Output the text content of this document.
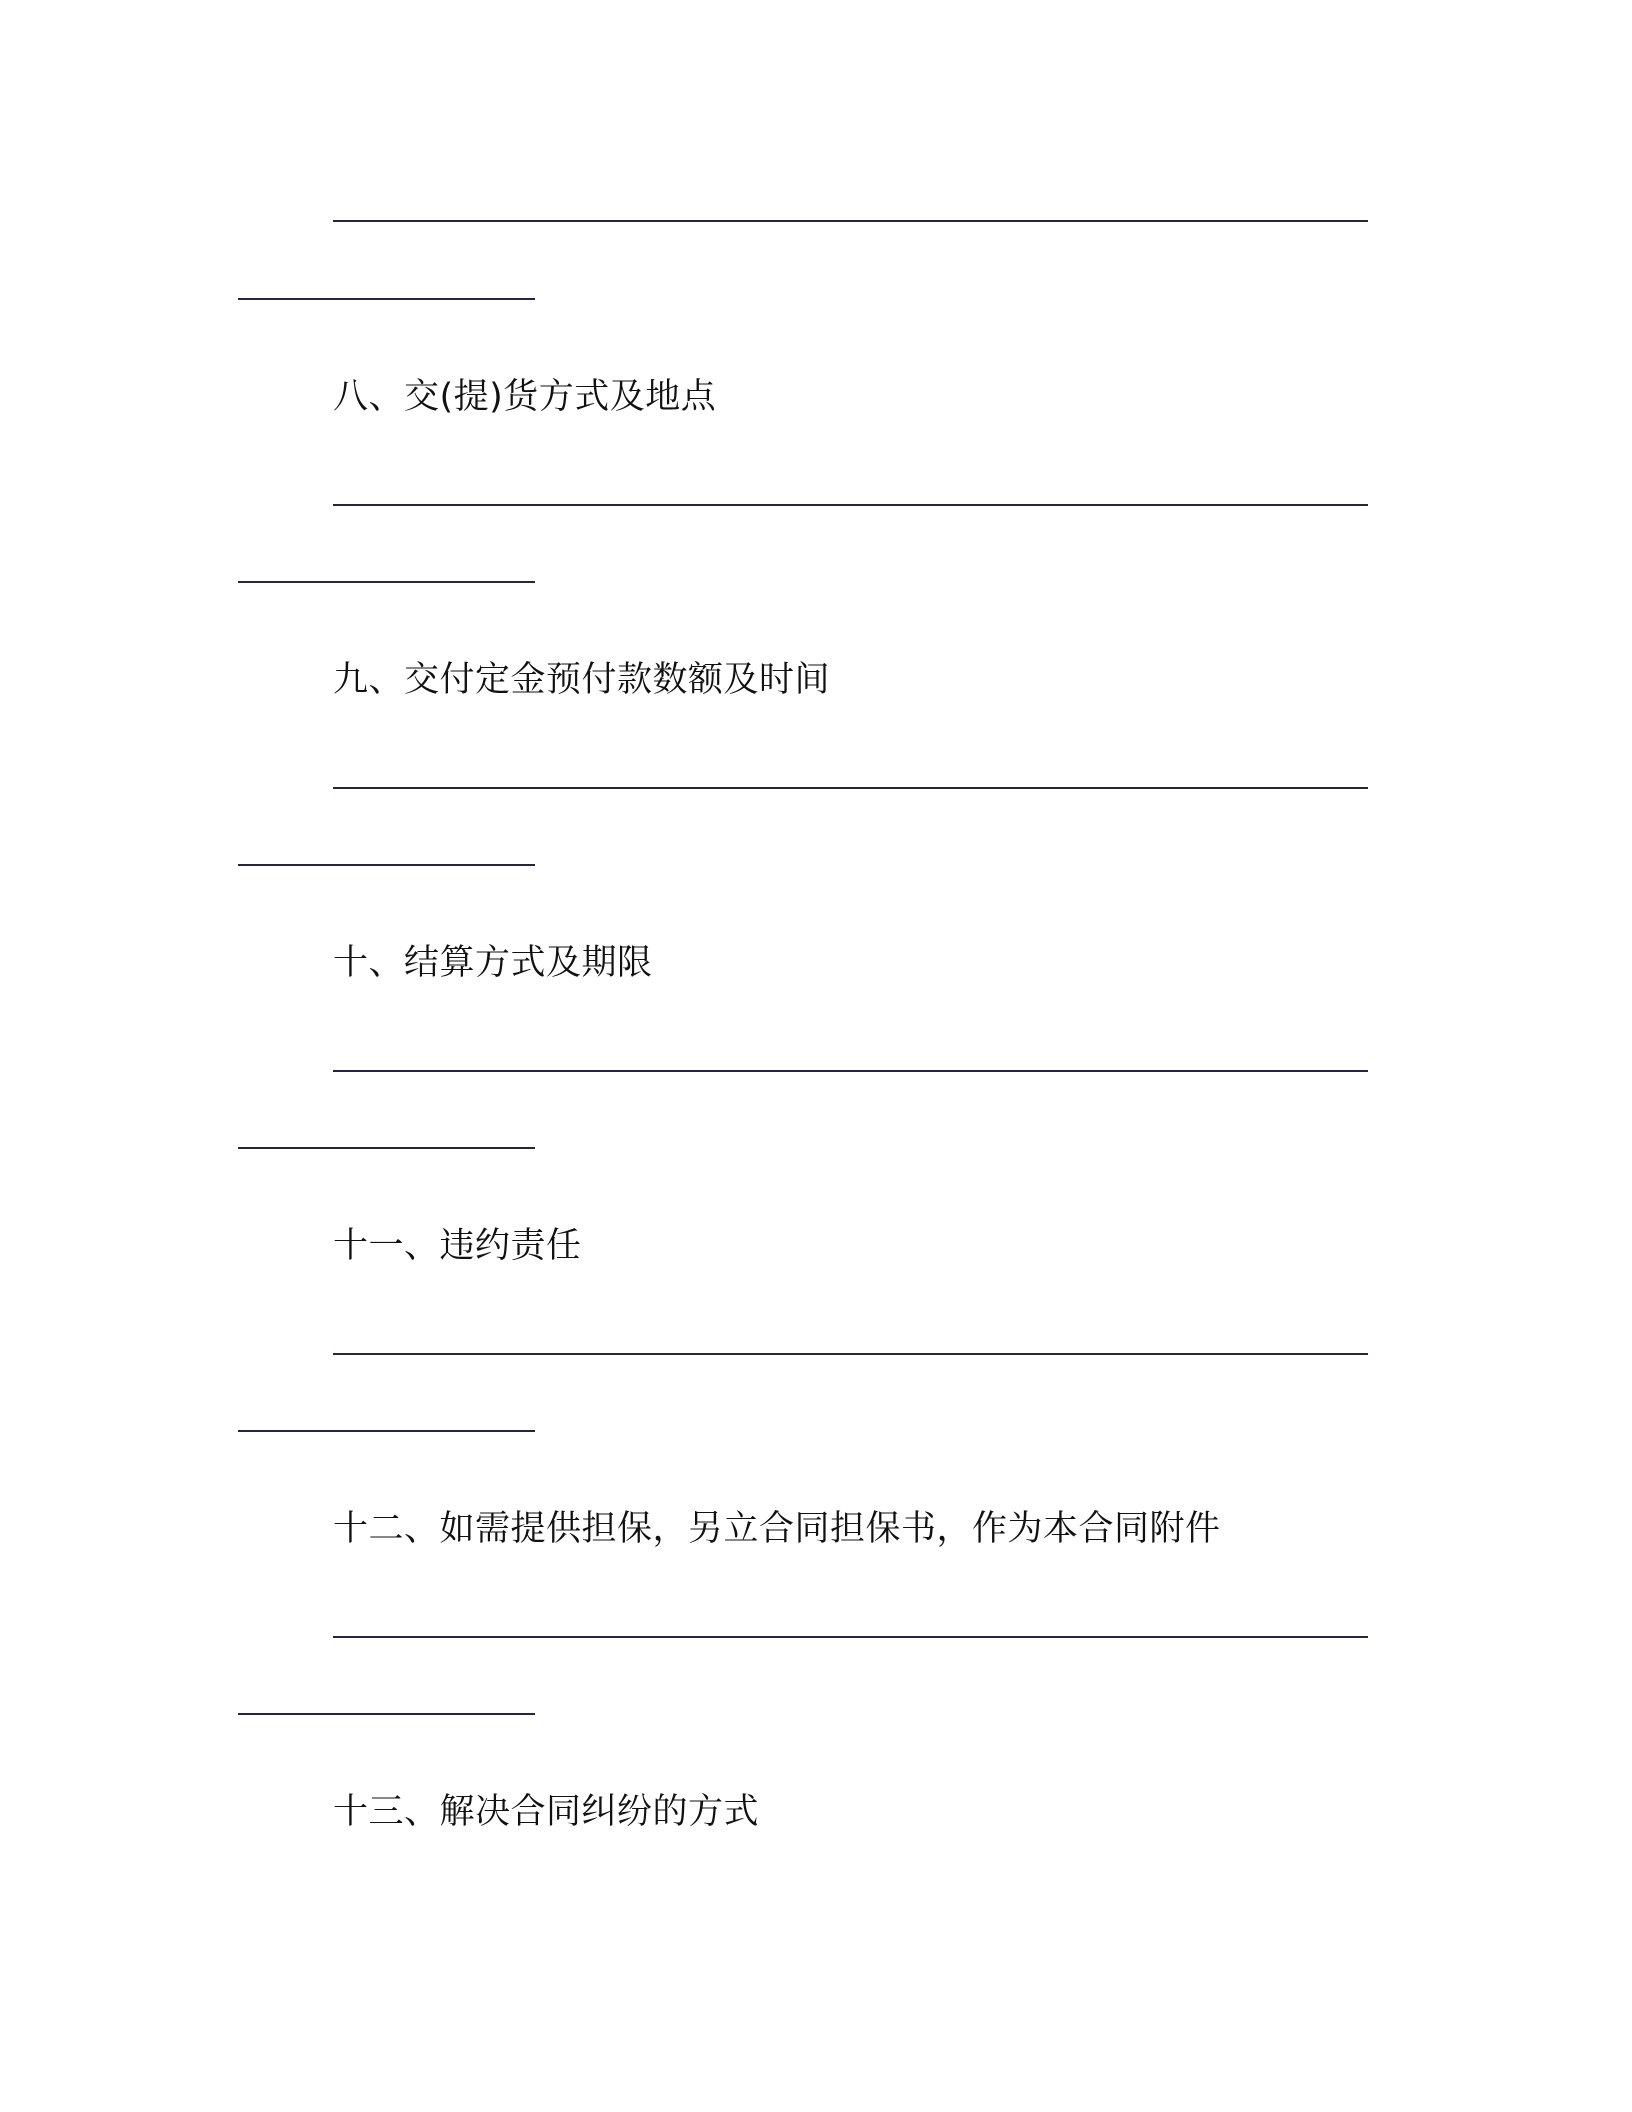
八、交(提)货方式及地点
九、交付定金预付款数额及时间
十、结算方式及期限
十一、违约责任
十二、如需提供担保，另立合同担保书，作为本合同附件
十三、解决合同纠纷的方式
